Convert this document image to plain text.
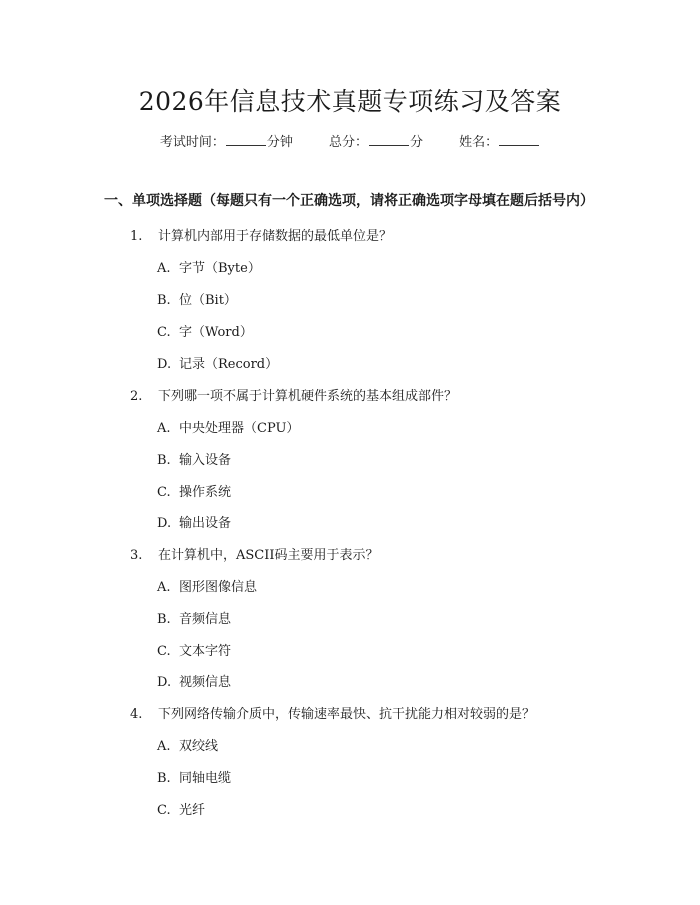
2026年信息技术真题专项练习及答案
考试时间：	分钟	总分：	分	姓名：
一、单项选择题（每题只有一个正确选项，请将正确选项字母填在题后括号内）
1. 计算机内部用于存储数据的最低单位是？
A. 字节（Byte）
B. 位（Bit）
C. 字（Word）
D. 记录（Record）
2. 下列哪一项不属于计算机硬件系统的基本组成部件？
A. 中央处理器（CPU）
B. 输入设备
C. 操作系统
D. 输出设备
3. 在计算机中，ASCII码主要用于表示？
A. 图形图像信息
B. 音频信息
C. 文本字符
D. 视频信息
4. 下列网络传输介质中，传输速率最快、抗干扰能力相对较弱的是？
A. 双绞线
B. 同轴电缆
C. 光纤
